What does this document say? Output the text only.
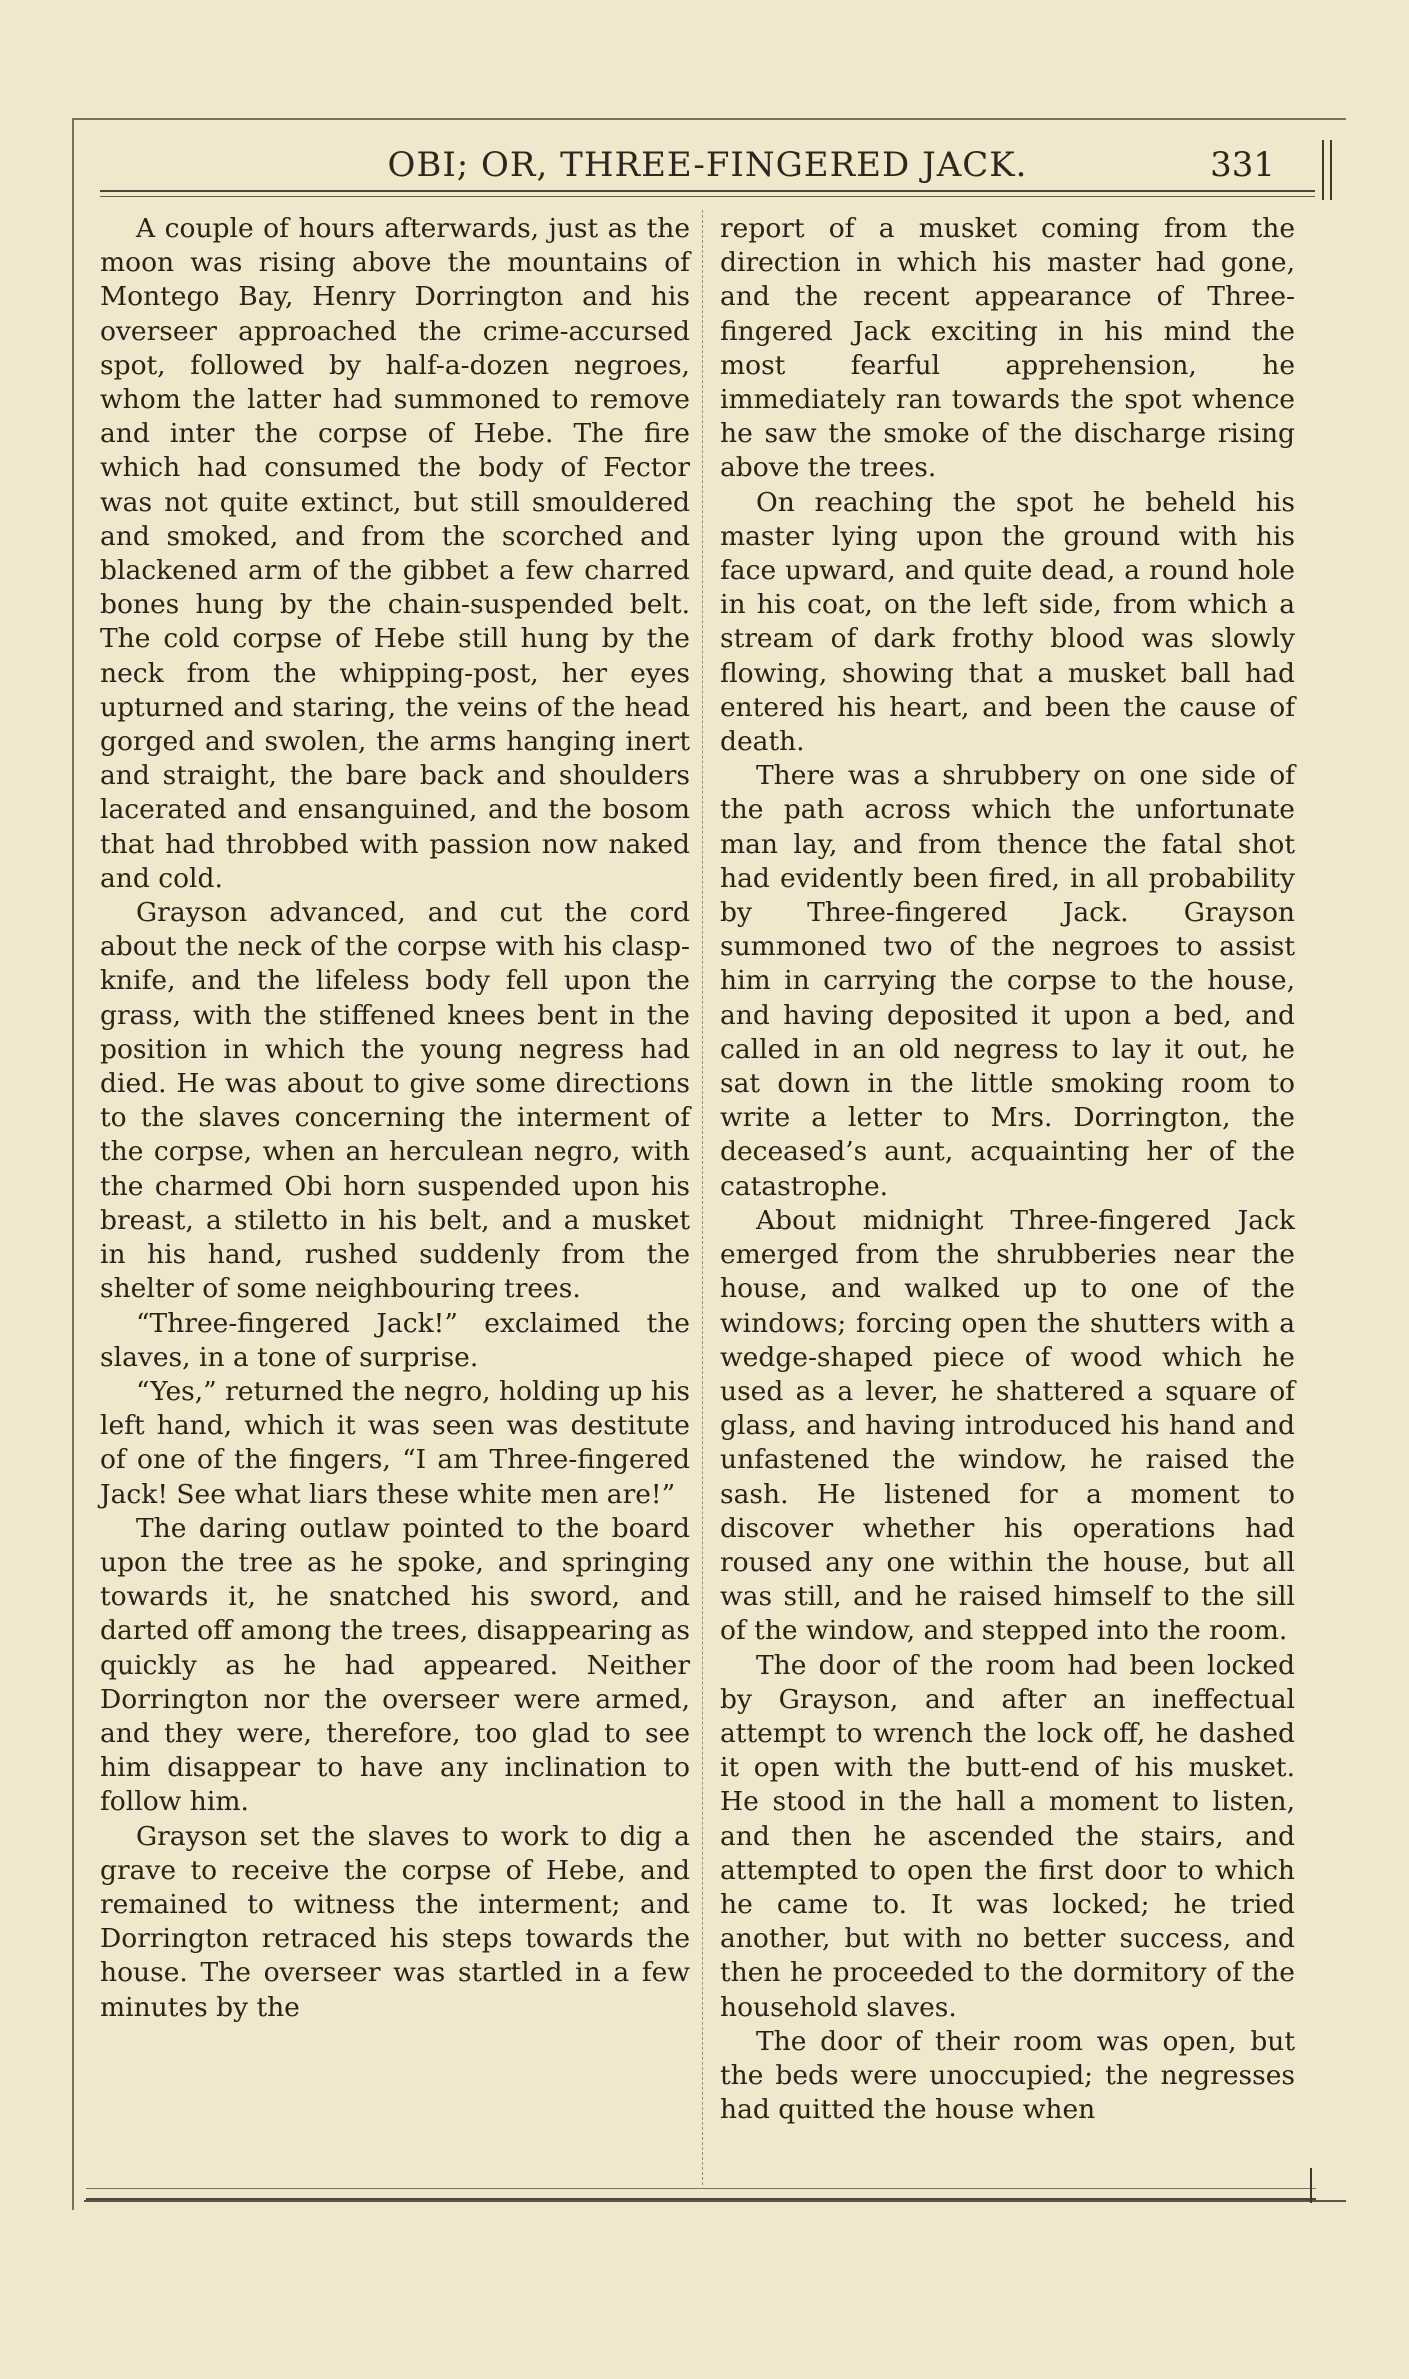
OBI; OR, THREE-FINGERED JACK.	331

A couple of hours afterwards, just as the moon was rising above the mountains of Montego Bay, Henry Dorrington and his overseer approached the crime-accursed spot, followed by half-a-dozen negroes, whom the latter had summoned to remove and inter the corpse of Hebe. The fire which had consumed the body of Fector was not quite extinct, but still smouldered and smoked, and from the scorched and blackened arm of the gibbet a few charred bones hung by the chain-suspended belt. The cold corpse of Hebe still hung by the neck from the whipping-post, her eyes upturned and staring, the veins of the head gorged and swolen, the arms hanging inert and straight, the bare back and shoulders lacerated and ensanguined, and the bosom that had throbbed with passion now naked and cold.

Grayson advanced, and cut the cord about the neck of the corpse with his clasp-knife, and the lifeless body fell upon the grass, with the stiffened knees bent in the position in which the young negress had died. He was about to give some directions to the slaves concerning the interment of the corpse, when an herculean negro, with the charmed Obi horn suspended upon his breast, a stiletto in his belt, and a musket in his hand, rushed suddenly from the shelter of some neighbouring trees.

“Three-fingered Jack!” exclaimed the slaves, in a tone of surprise.

“Yes,” returned the negro, holding up his left hand, which it was seen was destitute of one of the fingers, “I am Three-fingered Jack! See what liars these white men are!”

The daring outlaw pointed to the board upon the tree as he spoke, and springing towards it, he snatched his sword, and darted off among the trees, disappearing as quickly as he had appeared. Neither Dorrington nor the overseer were armed, and they were, therefore, too glad to see him disappear to have any inclination to follow him.

Grayson set the slaves to work to dig a grave to receive the corpse of Hebe, and remained to witness the interment; and Dorrington retraced his steps towards the house. The overseer was startled in a few minutes by the

report of a musket coming from the direction in which his master had gone, and the recent appearance of Three-fingered Jack exciting in his mind the most fearful apprehension, he immediately ran towards the spot whence he saw the smoke of the discharge rising above the trees.

On reaching the spot he beheld his master lying upon the ground with his face upward, and quite dead, a round hole in his coat, on the left side, from which a stream of dark frothy blood was slowly flowing, showing that a musket ball had entered his heart, and been the cause of death.

There was a shrubbery on one side of the path across which the unfortunate man lay, and from thence the fatal shot had evidently been fired, in all probability by Three-fingered Jack. Grayson summoned two of the negroes to assist him in carrying the corpse to the house, and having deposited it upon a bed, and called in an old negress to lay it out, he sat down in the little smoking room to write a letter to Mrs. Dorrington, the deceased’s aunt, acquainting her of the catastrophe.

About midnight Three-fingered Jack emerged from the shrubberies near the house, and walked up to one of the windows; forcing open the shutters with a wedge-shaped piece of wood which he used as a lever, he shattered a square of glass, and having introduced his hand and unfastened the window, he raised the sash. He listened for a moment to discover whether his operations had roused any one within the house, but all was still, and he raised himself to the sill of the window, and stepped into the room.

The door of the room had been locked by Grayson, and after an ineffectual attempt to wrench the lock off, he dashed it open with the butt-end of his musket. He stood in the hall a moment to listen, and then he ascended the stairs, and attempted to open the first door to which he came to. It was locked; he tried another, but with no better success, and then he proceeded to the dormitory of the household slaves.

The door of their room was open, but the beds were unoccupied; the negresses had quitted the house when
